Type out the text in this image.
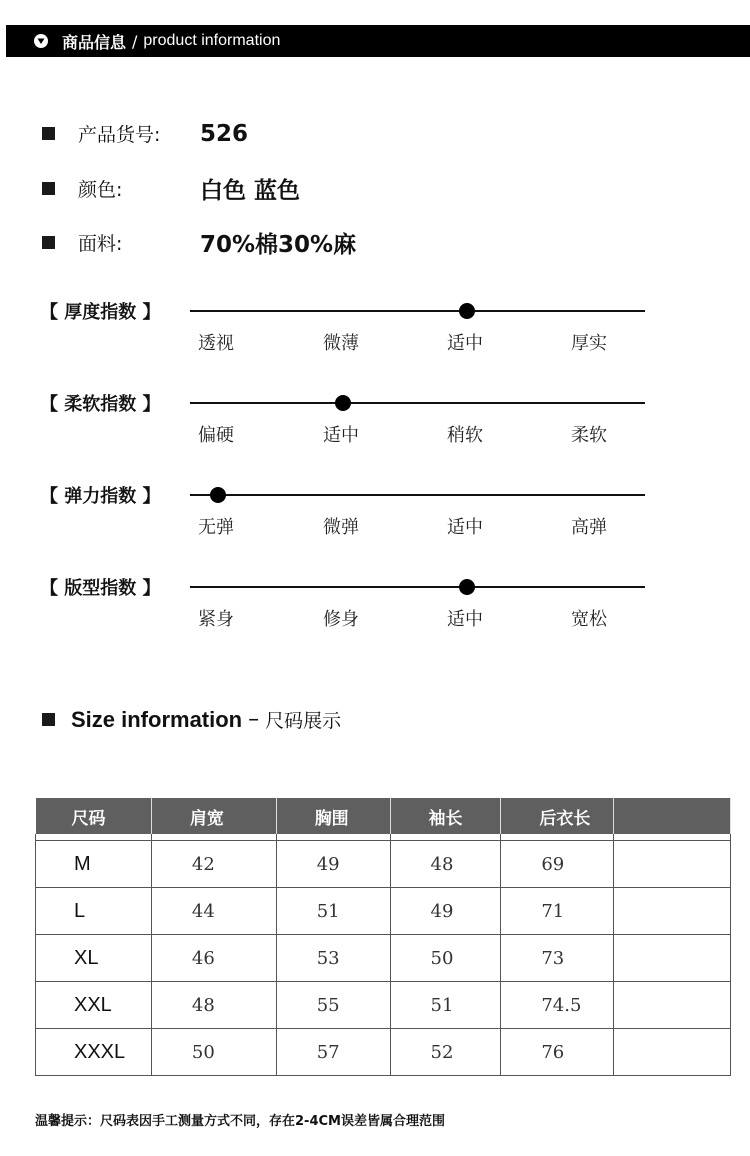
商品信息 / product information
产品货号:	526
颜色:	白色 蓝色
面料:	70%棉30%麻
【 厚度指数 】
透视	微薄	适中	厚实
【 柔软指数 】
偏硬	适中	稍软	柔软
【 弹力指数 】
无弹	微弹	适中	高弹
【 版型指数 】
紧身	修身	适中	宽松
Size information – 尺码展示
尺码	肩宽	胸围	袖长	后衣长	

M	42	49	48	69	
L	44	51	49	71	
XL	46	53	50	73	
XXL	48	55	51	74.5	
XXXL	50	57	52	76	
温馨提示：尺码表因手工测量方式不同，存在2-4CM误差皆属合理范围
